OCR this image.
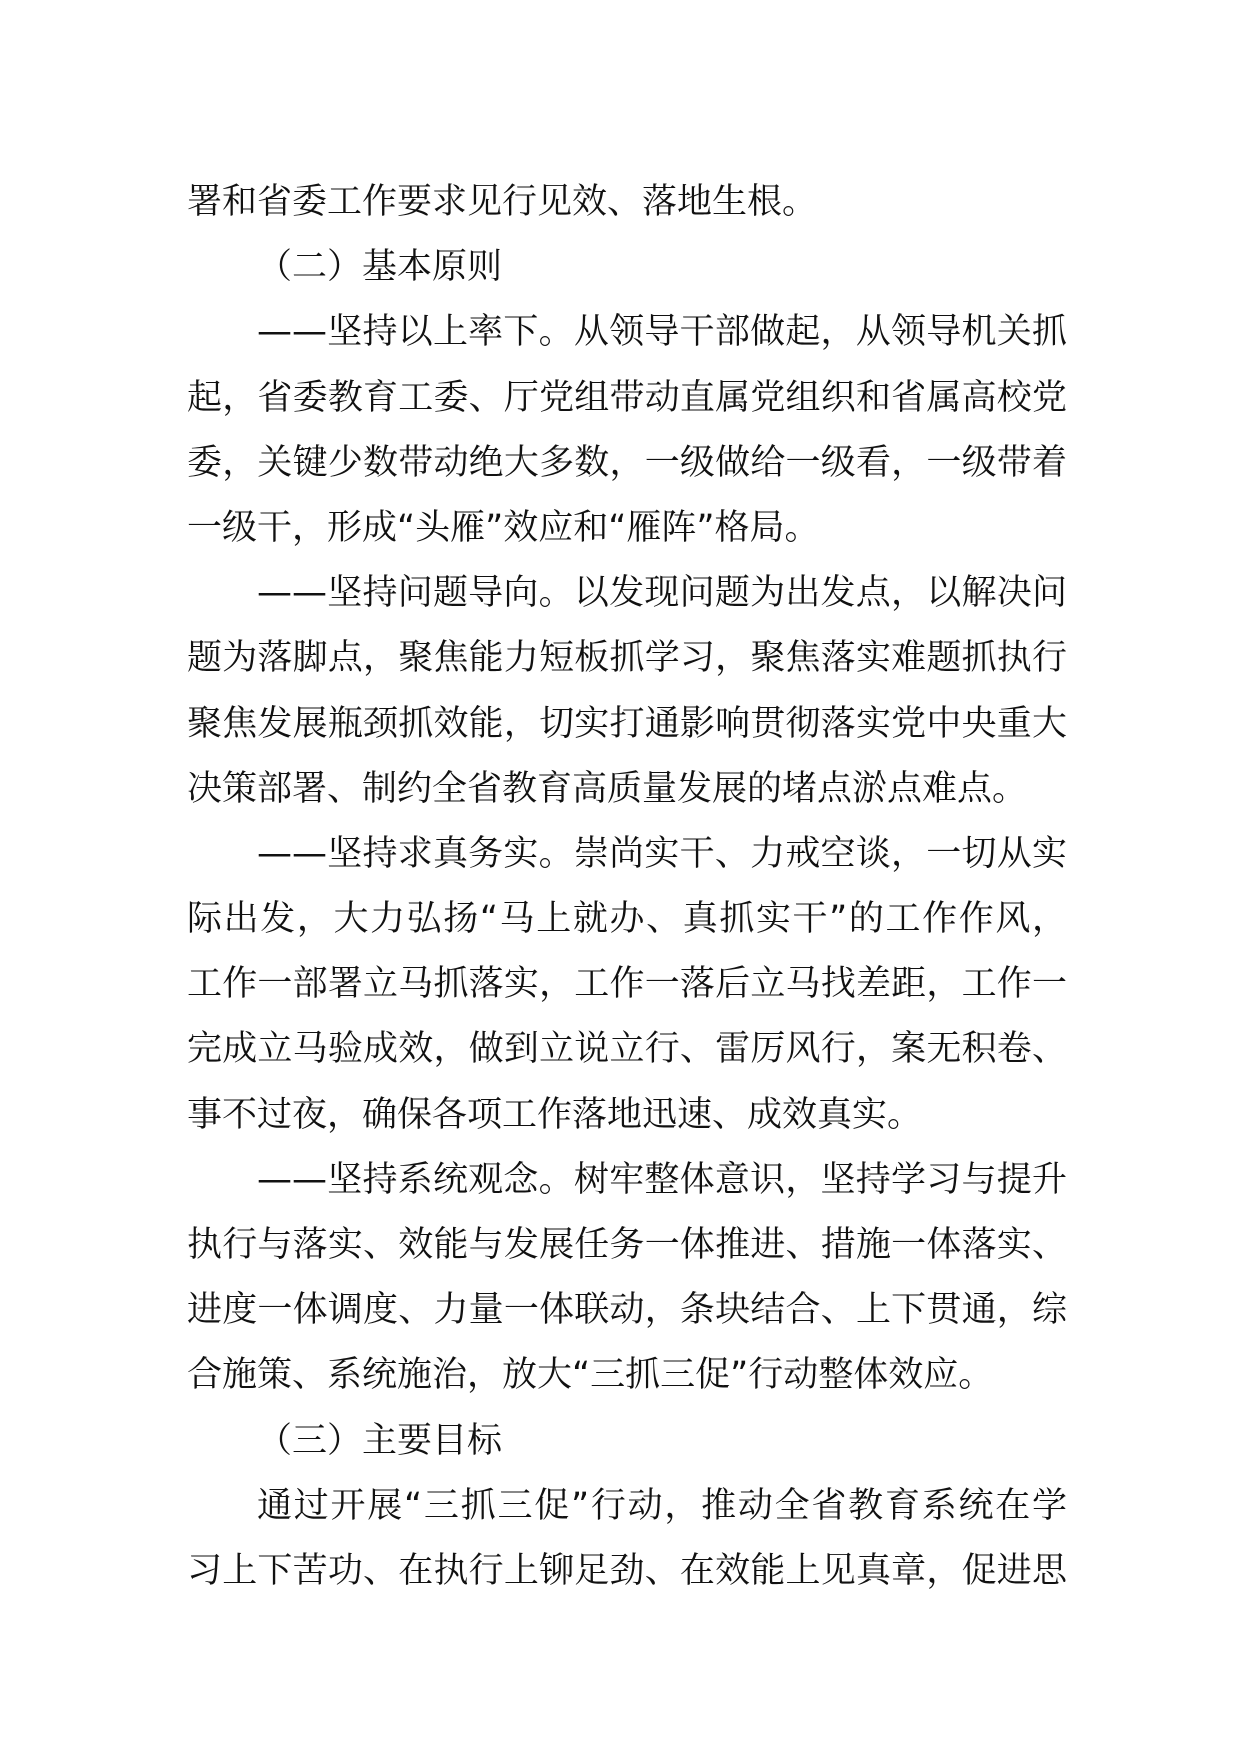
署和省委工作要求见行见效、落地生根。
（二）基本原则
——坚持以上率下。从领导干部做起，从领导机关抓
起，省委教育工委、厅党组带动直属党组织和省属高校党
委，关键少数带动绝大多数，一级做给一级看，一级带着
一级干，形成“头雁”效应和“雁阵”格局。
——坚持问题导向。以发现问题为出发点，以解决问
题为落脚点，聚焦能力短板抓学习，聚焦落实难题抓执行
聚焦发展瓶颈抓效能，切实打通影响贯彻落实党中央重大
决策部署、制约全省教育高质量发展的堵点淤点难点。
——坚持求真务实。崇尚实干、力戒空谈，一切从实
际出发，大力弘扬“马上就办、真抓实干”的工作作风，
工作一部署立马抓落实，工作一落后立马找差距，工作一
完成立马验成效，做到立说立行、雷厉风行，案无积卷、
事不过夜，确保各项工作落地迅速、成效真实。
——坚持系统观念。树牢整体意识，坚持学习与提升
执行与落实、效能与发展任务一体推进、措施一体落实、
进度一体调度、力量一体联动，条块结合、上下贯通，综
合施策、系统施治，放大“三抓三促”行动整体效应。
（三）主要目标
通过开展“三抓三促”行动，推动全省教育系统在学
习上下苦功、在执行上铆足劲、在效能上见真章，促进思
